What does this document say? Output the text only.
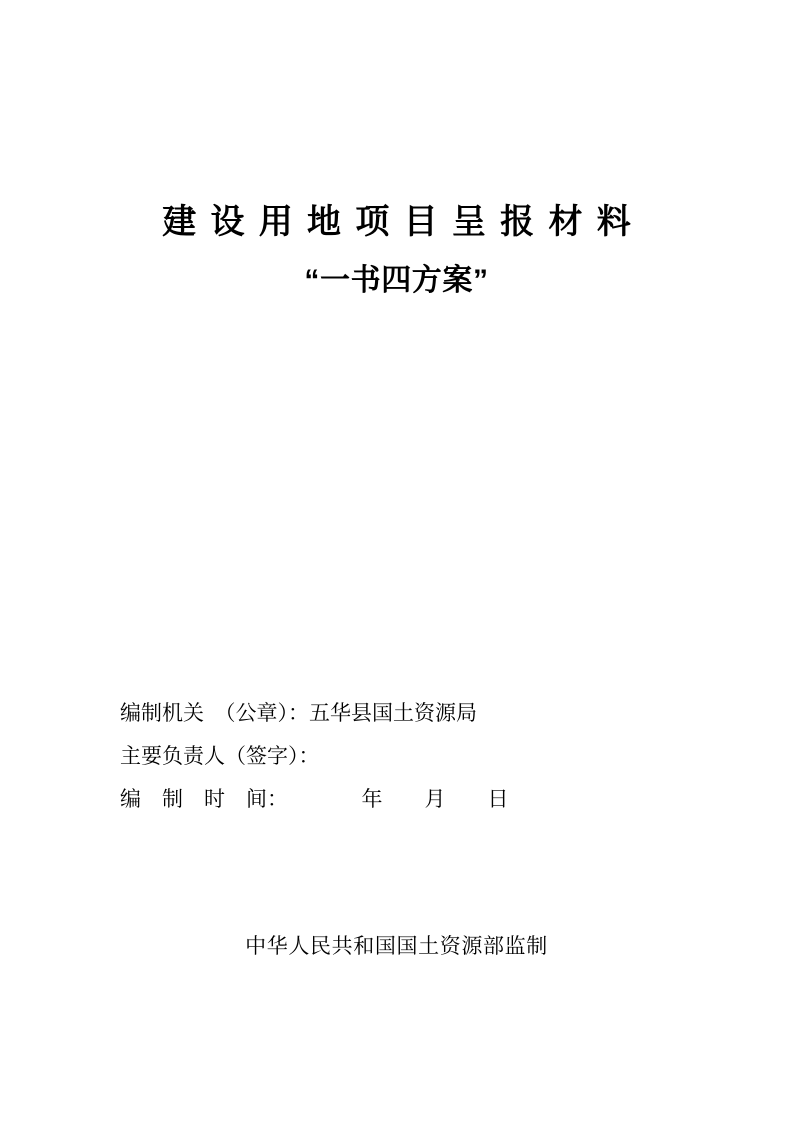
建设用地项目呈报材料
“一书四方案”
编制机关　（公章）：五华县国土资源局
主要负责人（签字）：
编　制　时　间：　　　　年　　月　　日
中华人民共和国国土资源部监制
